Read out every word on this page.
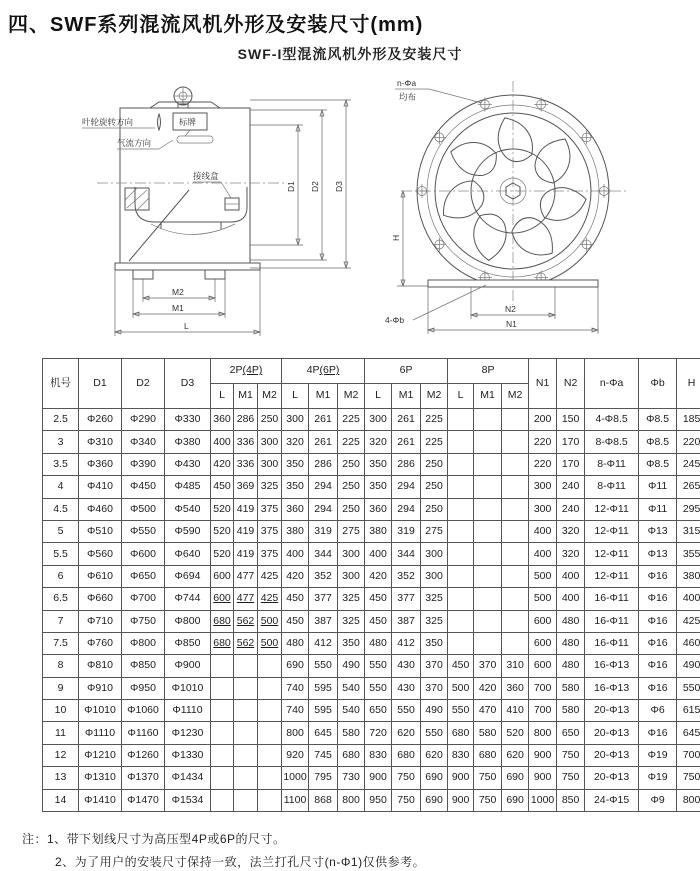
四、SWF系列混流风机外形及安装尺寸(mm)
SWF-I型混流风机外形及安装尺寸
叶轮旋转方向	标牌
气流方向
接线盒
M2
M1
L
D1 D2 D3
n-Φa
均布
H
N2
N1
4-Φb
机号	D1	D2	D3	2P(4P)			4P(6P)			6P			8P			N1	N2	n-Φa	Φb	H
				L	M1	M2	L	M1	M2	L	M1	M2	L	M1	M2					
2.5	Φ260	Φ290	Φ330	360	286	250	300	261	225	300	261	225				200	150	4-Φ8.5	Φ8.5	185
3	Φ310	Φ340	Φ380	400	336	300	320	261	225	320	261	225				220	170	8-Φ8.5	Φ8.5	220
3.5	Φ360	Φ390	Φ430	420	336	300	350	286	250	350	286	250				220	170	8-Φ11	Φ8.5	245
4	Φ410	Φ450	Φ485	450	369	325	350	294	250	350	294	250				300	240	8-Φ11	Φ11	265
4.5	Φ460	Φ500	Φ540	520	419	375	360	294	250	360	294	250				300	240	12-Φ11	Φ11	295
5	Φ510	Φ550	Φ590	520	419	375	380	319	275	380	319	275				400	320	12-Φ11	Φ13	315
5.5	Φ560	Φ600	Φ640	520	419	375	400	344	300	400	344	300				400	320	12-Φ11	Φ13	355
6	Φ610	Φ650	Φ694	600	477	425	420	352	300	420	352	300				500	400	12-Φ11	Φ16	380
6.5	Φ660	Φ700	Φ744	600	477	425	450	377	325	450	377	325				500	400	16-Φ11	Φ16	400
7	Φ710	Φ750	Φ800	680	562	500	450	387	325	450	387	325				600	480	16-Φ11	Φ16	425
7.5	Φ760	Φ800	Φ850	680	562	500	480	412	350	480	412	350				600	480	16-Φ11	Φ16	460
8	Φ810	Φ850	Φ900				690	550	490	550	430	370	450	370	310	600	480	16-Φ13	Φ16	490
9	Φ910	Φ950	Φ1010				740	595	540	550	430	370	500	420	360	700	580	16-Φ13	Φ16	550
10	Φ1010	Φ1060	Φ1110				740	595	540	650	550	490	550	470	410	700	580	20-Φ13	Φ6	615
11	Φ1110	Φ1160	Φ1230				800	645	580	720	620	550	680	580	520	800	650	20-Φ13	Φ16	645
12	Φ1210	Φ1260	Φ1330				920	745	680	830	680	620	830	680	620	900	750	20-Φ13	Φ19	700
13	Φ1310	Φ1370	Φ1434				1000	795	730	900	750	690	900	750	690	900	750	20-Φ13	Φ19	750
14	Φ1410	Φ1470	Φ1534				1100	868	800	950	750	690	900	750	690	1000	850	24-Φ15	Φ9	800
注：1、带下划线尺寸为高压型4P或6P的尺寸。
2、为了用户的安装尺寸保持一致，法兰打孔尺寸(n-Φ1)仅供参考。
